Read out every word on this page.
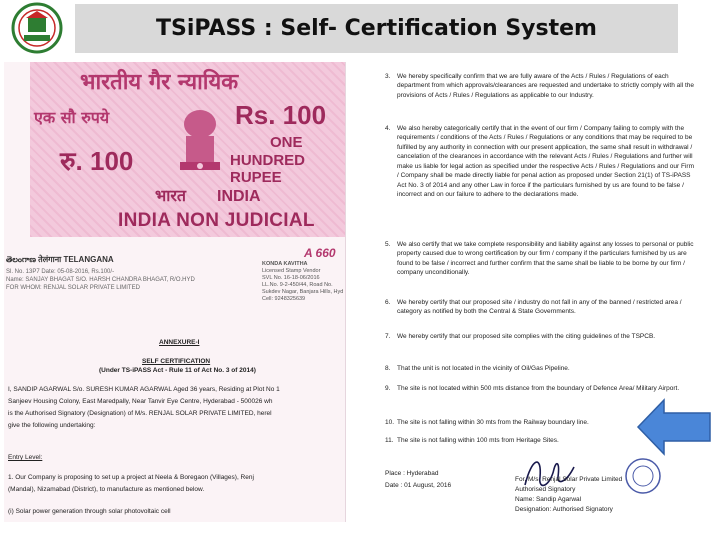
TSiPASS : Self- Certification System
भारतीय गैर न्यायिक
एक सौ रुपये	Rs. 100
ONE
HUNDRED RUPEE
रु. 100
भारत INDIA
INDIA NON JUDICIAL
A 660
తెలంగాణ तेलंगाना TELANGANA
Sl. No. 13P7 Date: 05-08-2016, Rs.100/-
Name: SANJAY BHAGAT S/O. HARSH CHANDRA BHAGAT, R/O.HYD
FOR WHOM: RENJAL SOLAR PRIVATE LIMITED
KONDA KAVITHA
Licensed Stamp Vendor
SVL No. 16-18-06/2016
LL.No. 9-2-450/44, Road No.
Sukdev Nagar, Banjara Hills, Hyd
Cell: 9248325639
ANNEXURE-I
SELF CERTIFICATION
(Under TS-iPASS Act - Rule 11 of Act No. 3 of 2014)
I, SANDIP AGARWAL S/o. SURESH KUMAR AGARWAL Aged 36 years, Residing at Plot No 1
Sanjeev Housing Colony, East Maredpally, Near Tanvir Eye Centre, Hyderabad - 500026 wh
is the Authorised Signatory (Designation) of M/s. RENJAL SOLAR PRIVATE LIMITED, herel
give the following undertaking:
Entry Level:
1. Our Company is proposing to set up a project at Neela & Boregaon (Villages), Renj
(Mandal), Nizamabad (District), to manufacture as mentioned below.
(i) Solar power generation through solar photovoltaic cell
3.	We hereby specifically confirm that we are fully aware of the Acts / Rules / Regulations of each department from which approvals/clearances are requested and undertake to strictly comply with all the provisions of Acts / Rules / Regulations as applicable to our Industry.
4.	We also hereby categorically certify that in the event of our firm / Company failing to comply with the requirements / conditions of the Acts / Rules / Regulations or any conditions that may be required to be fulfilled by any authority in connection with our present application, the same shall result in withdrawal / cancelation of the clearances in accordance with the relevant Acts / Rules / Regulations and further will make us liable for legal action as specified under the respective Acts / Rules / Regulations and our Firm / Company shall be made directly liable for penal action as proposed under Section 21(1) of TS-iPASS Act No. 3 of 2014 and any other Law in force if the particulars furnished by us are found to be false / incorrect and on our failure to adhere to the declarations made.
5.	We also certify that we take complete responsibility and liability against any losses to personal or public property caused due to wrong certification by our firm / company if the particulars furnished by us are found to be false / incorrect and further confirm that the same shall be liable to be borne by our firm / company unconditionally.
6.	We hereby certify that our proposed site / industry do not fall in any of the banned / restricted area / category as notified by both the Central & State Governments.
7.	We hereby certify that our proposed site complies with the citing guidelines of the TSPCB.
8.	That the unit is not located in the vicinity of Oil/Gas Pipeline.
9.	The site is not located within 500 mts distance from the boundary of Defence Area/ Military Airport.
10. The site is not falling within 30 mts from the Railway boundary line.
11. The site is not falling within 100 mts from Heritage Sites.
Place : Hyderabad
Date : 01 August, 2016
For, M/s. Renjal Solar Private Limited
Authorised Signatory
Name: Sandip Agarwal
Designation: Authorised Signatory
